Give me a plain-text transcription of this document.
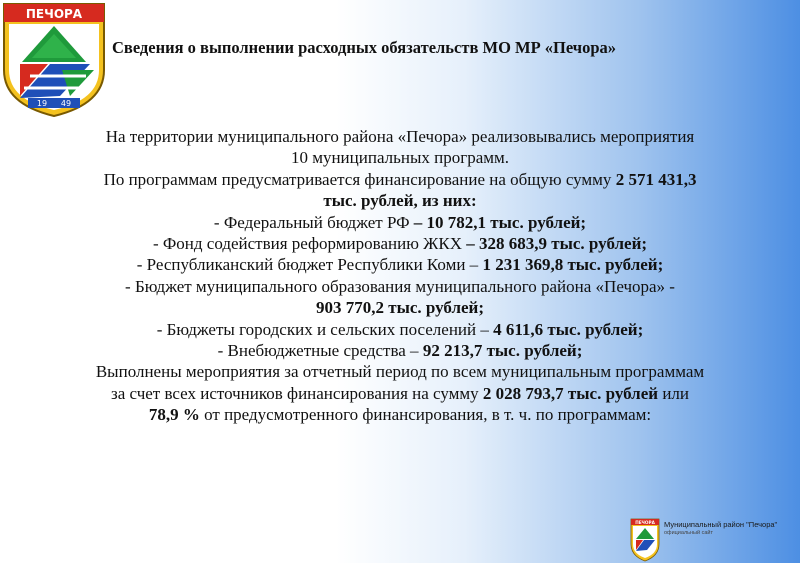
ПЕЧОРА
19 49
Сведения о выполнении расходных обязательств МО МР «Печора»
На территории муниципального района «Печора» реализовывались мероприятия
10 муниципальных программ.
По программам предусматривается финансирование на общую сумму 2 571 431,3
тыс. рублей, из них:
- Федеральный бюджет РФ – 10 782,1 тыс. рублей;
- Фонд содействия реформированию ЖКХ – 328 683,9 тыс. рублей;
- Республиканский бюджет Республики Коми – 1 231 369,8 тыс. рублей;
- Бюджет муниципального образования муниципального района «Печора» -
903 770,2 тыс. рублей;
- Бюджеты городских и сельских поселений – 4 611,6 тыс. рублей;
- Внебюджетные средства – 92 213,7 тыс. рублей;
Выполнены мероприятия за отчетный период по всем муниципальным программам
за счет всех источников финансирования на сумму 2 028 793,7 тыс. рублей или
78,9 % от предусмотренного финансирования, в т. ч. по программам:
ПЕЧОРА Муниципальный район "Печора"
официальный сайт
